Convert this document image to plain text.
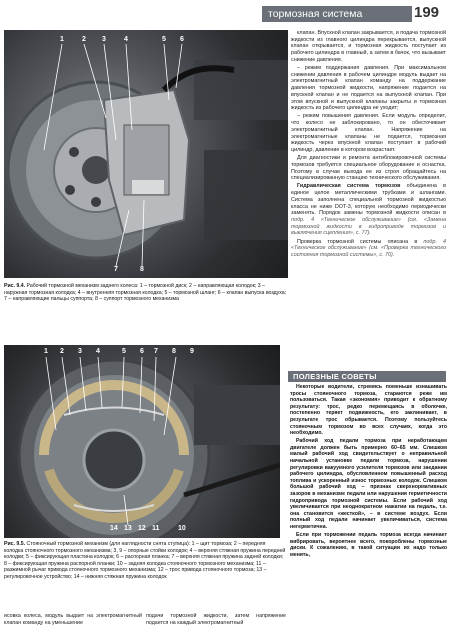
тормозная система	199
1	2 3	4	5 6
7	8
Рис. 9.4. Рабочий тормозной механизм заднего колеса: 1 – тормозной диск; 2 – направляющая колодок; 3 – наружная тормозная колодка; 4 – внутренняя тормозная колодка; 5 – тормозной шланг; 6 – клапан выпуска воздуха; 7 – направляющие пальцы суппорта; 8 – суппорт тормозного механизма
1 2 3 4	5 6 7 8 9
10
11
12
13
14
Рис. 9.5. Стояночный тормозной механизм (для наглядности снята ступица): 1 – щит тормоза; 2 – передняя колодка стояночного тормозного механизма; 3, 9 – опорные стойки колодок; 4 – верхняя стяжная пружина передней колодки; 5 – фиксирующая пластина колодок; 6 – распорная планка; 7 – верхняя стяжная пружина задней колодки; 8 – фиксирующая пружина распорной планки; 10 – задняя колодка стояночного тормозного механизма; 11 – разжимной рычаг привода стояночного тормозного механизма; 12 – трос привода стояночного тормоза; 13 – регулировочное устройство; 14 – нижняя стяжная пружина колодок

клапан. Впускной клапан закрывается, и подача тормозной жидкости из главного цилиндра перекрывается, выпускной клапан открывается, и тормозная жидкость поступает из рабочего цилиндра в главный, а затем в бачок, что вызывает снижение давления.

– режим поддержания давления. При максимальном снижении давления в рабочем цилиндре модуль выдает на электромагнитный клапан команду на поддержание давления тормозной жидкости, напряжение подается на впускной клапан и не подается на выпускной клапан. При этом впускной и выпускной клапаны закрыты и тормозная жидкость из рабочего цилиндра не уходит;

– режим повышения давления. Если модуль определит, что колесо не заблокировано, то он обесточивает электромагнитный клапан. Напряжение на электромагнитные клапаны не подается, тормозная жидкость через впускной клапан поступает в рабочий цилиндр, давление в котором возрастает.

Для диагностики и ремонта антиблокировочной системы тормозов требуется специальное оборудование и оснастка. Поэтому в случае выхода ее из строя обращайтесь на специализированную станцию технического обслуживания.

Гидравлическая система тормозов объединена в единое целое металлическими трубками и шлангами. Система заполнена специальной тормозной жидкостью класса не ниже DOT-3, которую необходимо периодически заменять. Порядок замены тормозной жидкости описан в подр. 4 «Техническое обслуживание» (см. «Замена тормозной жидкости в гидроприводе тормозов и выключения сцепления», с. 77).

Проверка тормозной системы описана в подр. 4 «Техническое обслуживание» (см. «Проверка технического состояния тормозной системы», с. 70).

ПОЛЕЗНЫЕ СОВЕТЫ

Некоторые водители, стремясь поменьше изнашивать тросы стояночного тормоза, стараются реже им пользоваться. Такая «экономия» приводит к обратному результату: трос, редко перемещаясь в оболочке, постепенно теряет подвижность, его заклинивает, в результате трос обрывается. Поэтому пользуйтесь стояночным тормозом во всех случаях, когда это необходимо.

Рабочий ход педали тормоза при неработающем двигателе должен быть примерно 60–65 мм. Слишком малый рабочий ход свидетельствует о неправильной начальной установке педали тормоза, нарушении регулировки вакуумного усилителя тормозов или заедании рабочего цилиндра, обусловленном повышенный расход топлива и ускоренный износ тормозных колодок. Слишком большой рабочий ход – признак сверхнормативных зазоров в механизме педали или нарушения герметичности гидропривода тормозной системы. Если рабочий ход увеличивается при неоднократном нажатии на педаль, т.е. она становится «жесткой», – в системе воздух. Если полный ход педали начинает увеличиваться, система негерметична.

Если при торможении педаль тормоза всегда начинает вибрировать, вероятнее всего, покороблены тормозные диски. К сожалению, в такой ситуации их надо только менять,

исовка колеса, модуль выдает на электромагнитный клапан команду на уменьшение

подачи тормозной жидкости, затем напряжение подается на каждый электромагнитный
